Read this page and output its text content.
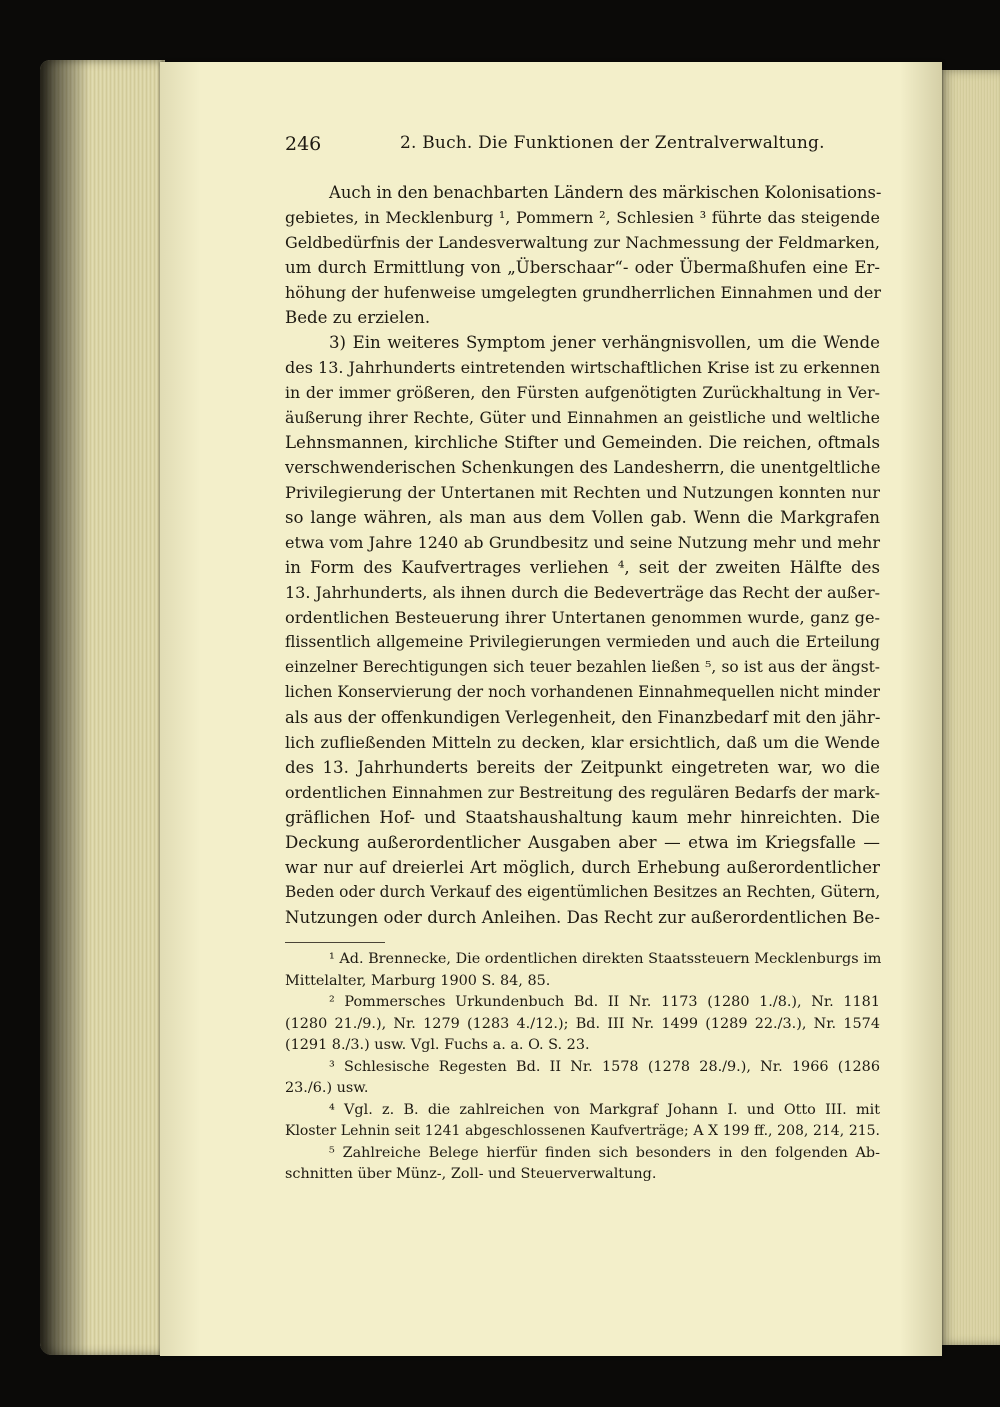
246	2. Buch. Die Funktionen der Zentralverwaltung.
Auch in den benachbarten Ländern des märkischen Kolonisations-
gebietes, in Mecklenburg ¹, Pommern ², Schlesien ³ führte das steigende
Geldbedürfnis der Landesverwaltung zur Nachmessung der Feldmarken,
um durch Ermittlung von „Überschaar“- oder Übermaßhufen eine Er-
höhung der hufenweise umgelegten grundherrlichen Einnahmen und der
Bede zu erzielen.
3) Ein weiteres Symptom jener verhängnisvollen, um die Wende
des 13. Jahrhunderts eintretenden wirtschaftlichen Krise ist zu erkennen
in der immer größeren, den Fürsten aufgenötigten Zurückhaltung in Ver-
äußerung ihrer Rechte, Güter und Einnahmen an geistliche und weltliche
Lehnsmannen, kirchliche Stifter und Gemeinden. Die reichen, oftmals
verschwenderischen Schenkungen des Landesherrn, die unentgeltliche
Privilegierung der Untertanen mit Rechten und Nutzungen konnten nur
so lange währen, als man aus dem Vollen gab. Wenn die Markgrafen
etwa vom Jahre 1240 ab Grundbesitz und seine Nutzung mehr und mehr
in Form des Kaufvertrages verliehen ⁴, seit der zweiten Hälfte des
13. Jahrhunderts, als ihnen durch die Bedeverträge das Recht der außer-
ordentlichen Besteuerung ihrer Untertanen genommen wurde, ganz ge-
flissentlich allgemeine Privilegierungen vermieden und auch die Erteilung
einzelner Berechtigungen sich teuer bezahlen ließen ⁵, so ist aus der ängst-
lichen Konservierung der noch vorhandenen Einnahmequellen nicht minder
als aus der offenkundigen Verlegenheit, den Finanzbedarf mit den jähr-
lich zufließenden Mitteln zu decken, klar ersichtlich, daß um die Wende
des 13. Jahrhunderts bereits der Zeitpunkt eingetreten war, wo die
ordentlichen Einnahmen zur Bestreitung des regulären Bedarfs der mark-
gräflichen Hof- und Staatshaushaltung kaum mehr hinreichten. Die
Deckung außerordentlicher Ausgaben aber — etwa im Kriegsfalle —
war nur auf dreierlei Art möglich, durch Erhebung außerordentlicher
Beden oder durch Verkauf des eigentümlichen Besitzes an Rechten, Gütern,
Nutzungen oder durch Anleihen. Das Recht zur außerordentlichen Be-
¹ Ad. Brennecke, Die ordentlichen direkten Staatssteuern Mecklenburgs im
Mittelalter, Marburg 1900 S. 84, 85.
² Pommersches Urkundenbuch Bd. II Nr. 1173 (1280 1./8.), Nr. 1181
(1280 21./9.), Nr. 1279 (1283 4./12.); Bd. III Nr. 1499 (1289 22./3.), Nr. 1574
(1291 8./3.) usw. Vgl. Fuchs a. a. O. S. 23.
³ Schlesische Regesten Bd. II Nr. 1578 (1278 28./9.), Nr. 1966 (1286
23./6.) usw.
⁴ Vgl. z. B. die zahlreichen von Markgraf Johann I. und Otto III. mit
Kloster Lehnin seit 1241 abgeschlossenen Kaufverträge; A X 199 ff., 208, 214, 215.
⁵ Zahlreiche Belege hierfür finden sich besonders in den folgenden Ab-
schnitten über Münz-, Zoll- und Steuerverwaltung.
